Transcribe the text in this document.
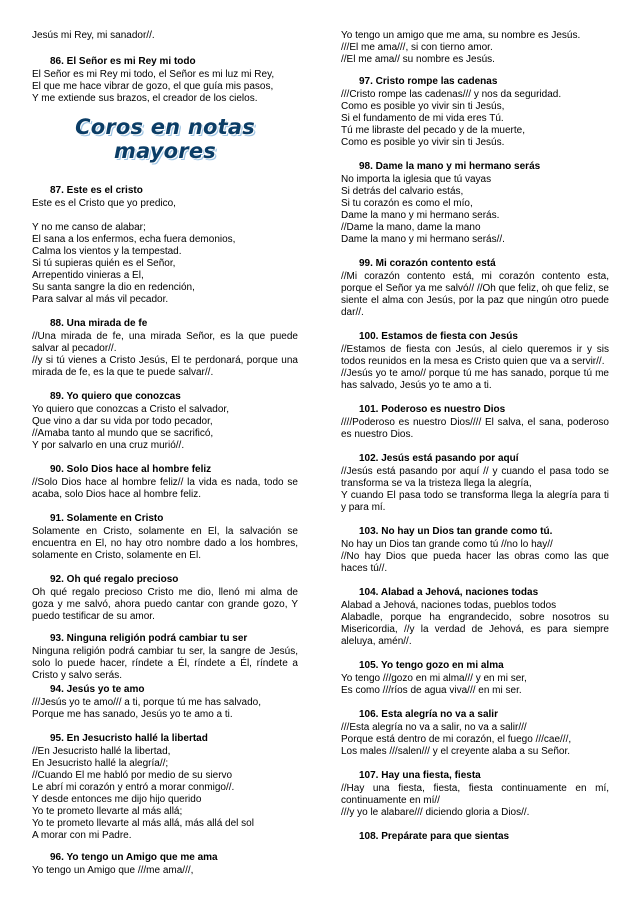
Jesús mi Rey, mi sanador//.
86. El Señor es mi Rey mi todo
El Señor es mi Rey mi todo, el Señor es mi luz mi Rey,
El que me hace vibrar de gozo, el que guía mis pasos,
Y me extiende sus brazos, el creador de los cielos.
Coros en notas mayores
87. Este es el cristo
Este es el Cristo que yo predico,
Y no me canso de alabar;
Él sana a los enfermos, echa fuera demonios,
Calma los vientos y la tempestad.
Si tú supieras quién es el Señor,
Arrepentido vinieras a Él,
Su santa sangre la dio en redención,
Para salvar al más vil pecador.
88. Una mirada de fe
//Una mirada de fe, una mirada Señor, es la que puede salvar al pecador//.
//y si tú vienes a Cristo Jesús, Él te perdonará, porque una mirada de fe, es la que te puede salvar//.
89. Yo quiero que conozcas
Yo quiero que conozcas a Cristo el salvador,
Que vino a dar su vida por todo pecador,
//Amaba tanto al mundo que se sacrificó,
Y por salvarlo en una cruz murió//.
90. Solo Dios hace al hombre feliz
//Solo Dios hace al hombre feliz// la vida es nada, todo se acaba, solo Dios hace al hombre feliz.
91. Solamente en Cristo
Solamente en Cristo, solamente en El, la salvación se encuentra en El, no hay otro nombre dado a los hombres, solamente en Cristo, solamente en El.
92. Oh qué regalo precioso
Oh qué regalo precioso Cristo me dio, llenó mi alma de goza y me salvó, ahora puedo cantar con grande gozo, Y puedo testificar de su amor.
93. Ninguna religión podrá cambiar tu ser
Ninguna religión podrá cambiar tu ser, la sangre de Jesús, solo lo puede hacer, ríndete a Él, ríndete a Él, ríndete a Cristo y salvo serás.
94. Jesús yo te amo
///Jesús yo te amo/// a ti, porque tú me has salvado,
Porque me has sanado, Jesús yo te amo a ti.
95. En Jesucristo hallé la libertad
//En Jesucristo hallé la libertad,
En Jesucristo hallé la alegría//;
//Cuando Él me habló por medio de su siervo
Le abrí mi corazón y entró a morar conmigo//.
Y desde entonces me dijo hijo querido
Yo te prometo llevarte al más allá;
Yo te prometo llevarte al más allá, más allá del sol
A morar con mi Padre.
96. Yo tengo un Amigo que me ama
Yo tengo un Amigo que ///me ama///,
Yo tengo un amigo que me ama, su nombre es Jesús.
///El me ama///, si con tierno amor.
//El me ama// su nombre es Jesús.
97. Cristo rompe las cadenas
///Cristo rompe las cadenas/// y nos da seguridad.
Como es posible yo vivir sin ti Jesús,
Si el fundamento de mi vida eres Tú.
Tú me libraste del pecado y de la muerte,
Como es posible yo vivir sin ti Jesús.
98. Dame la mano y mi hermano serás
No importa la iglesia que tú vayas
Si detrás del calvario estás,
Si tu corazón es como el mío,
Dame la mano y mi hermano serás.
//Dame la mano, dame la mano
Dame la mano y mi hermano serás//.
99. Mi corazón contento está
//Mi corazón contento está, mi corazón contento esta, porque el Señor ya me salvó// //Oh que feliz, oh que feliz, se siente el alma con Jesús, por la paz que ningún otro puede dar//.
100. Estamos de fiesta con Jesús
//Estamos de fiesta con Jesús, al cielo queremos ir y sis todos reunidos en la mesa es Cristo quien que va a servir//.
//Jesús yo te amo// porque tú me has sanado, porque tú me has salvado, Jesús yo te amo a ti.
101. Poderoso es nuestro Dios
////Poderoso es nuestro Dios//// El salva, el sana, poderoso es nuestro Dios.
102. Jesús está pasando por aquí
//Jesús está pasando por aquí // y cuando el pasa todo se transforma se va la tristeza llega la alegría,
Y cuando El pasa todo se transforma llega la alegría para ti y para mí.
103. No hay un Dios tan grande como tú.
No hay un Dios tan grande como tú //no lo hay//
//No hay Dios que pueda hacer las obras como las que haces tú//.
104. Alabad a Jehová, naciones todas
Alabad a Jehová, naciones todas, pueblos todos
Alabadle, porque ha engrandecido, sobre nosotros su Misericordia, //y la verdad de Jehová, es para siempre aleluya, amén//.
105. Yo tengo gozo en mi alma
Yo tengo ///gozo en mi alma/// y en mi ser,
Es como ///ríos de agua viva/// en mi ser.
106. Esta alegría no va a salir
///Esta alegría no va a salir, no va a salir///
Porque está dentro de mi corazón, el fuego ///cae///,
Los males ///salen/// y el creyente alaba a su Señor.
107. Hay una fiesta, fiesta
//Hay una fiesta, fiesta, fiesta continuamente en mí, continuamente en mí//
///y yo le alabare/// diciendo gloria a Dios//.
108. Prepárate para que sientas
